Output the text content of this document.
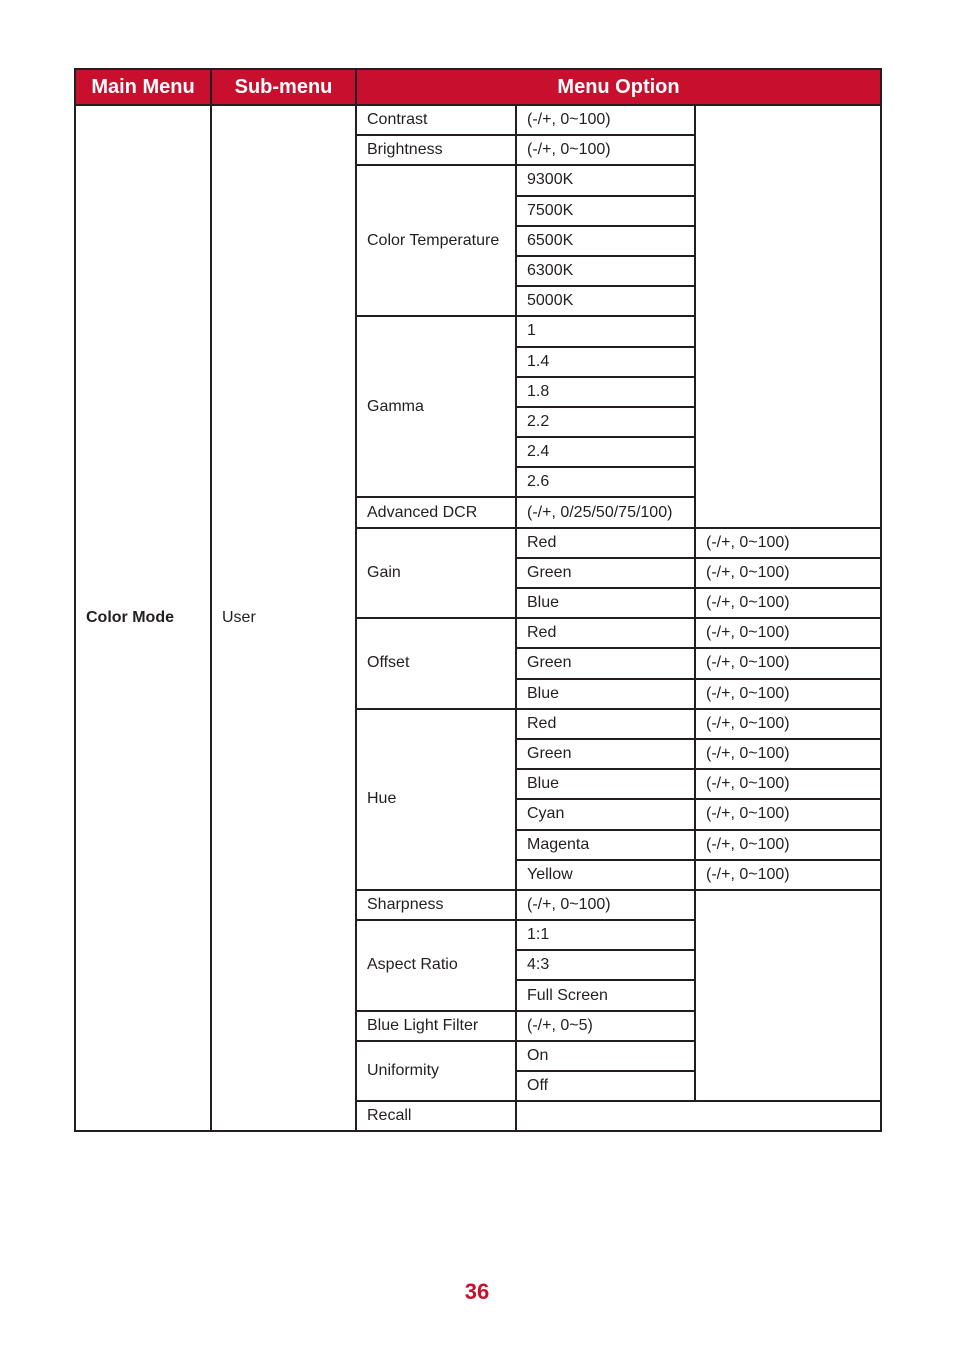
Main Menu	Sub-menu	Menu Option		
Color Mode	User	Contrast	(-/+, 0~100)	
		Brightness	(-/+, 0~100)	
		Color Temperature	9300K	
			7500K	
			6500K	
			6300K	
			5000K	
		Gamma	1	
			1.4	
			1.8	
			2.2	
			2.4	
			2.6	
		Advanced DCR	(-/+, 0/25/50/75/100)	
		Gain	Red	(-/+, 0~100)
			Green	(-/+, 0~100)
			Blue	(-/+, 0~100)
		Offset	Red	(-/+, 0~100)
			Green	(-/+, 0~100)
			Blue	(-/+, 0~100)
		Hue	Red	(-/+, 0~100)
			Green	(-/+, 0~100)
			Blue	(-/+, 0~100)
			Cyan	(-/+, 0~100)
			Magenta	(-/+, 0~100)
			Yellow	(-/+, 0~100)
		Sharpness	(-/+, 0~100)	
		Aspect Ratio	1:1	
			4:3	
			Full Screen	
		Blue Light Filter	(-/+, 0~5)	
		Uniformity	On	
			Off	
		Recall		
36
